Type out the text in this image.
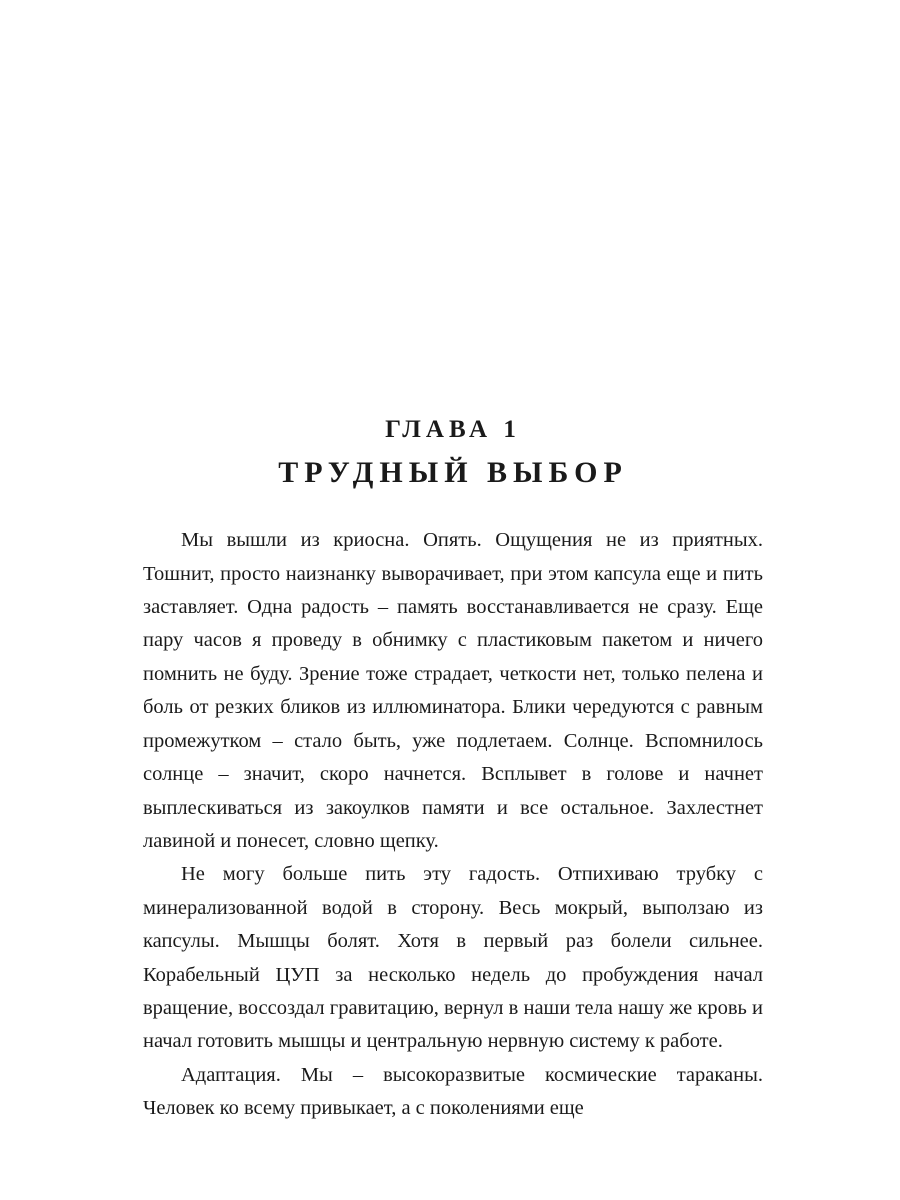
ГЛАВА 1
ТРУДНЫЙ ВЫБОР

Мы вышли из криосна. Опять. Ощущения не из приятных. Тошнит, просто наизнанку выворачивает, при этом капсула еще и пить заставляет. Одна радость – память восстанавливается не сразу. Еще пару часов я проведу в обнимку с пластиковым пакетом и ничего помнить не буду. Зрение тоже страдает, четкости нет, только пелена и боль от резких бликов из иллюминатора. Блики чередуются с равным промежутком – стало быть, уже подлетаем. Солнце. Вспомнилось солнце – значит, скоро начнется. Всплывет в голове и начнет выплескиваться из закоулков памяти и все остальное. Захлестнет лавиной и понесет, словно щепку.

Не могу больше пить эту гадость. Отпихиваю трубку с минерализованной водой в сторону. Весь мокрый, выползаю из капсулы. Мышцы болят. Хотя в первый раз болели сильнее. Корабельный ЦУП за несколько недель до пробуждения начал вращение, воссоздал гравитацию, вернул в наши тела нашу же кровь и начал готовить мышцы и центральную нервную систему к работе.

Адаптация. Мы – высокоразвитые космические тараканы. Человек ко всему привыкает, а с поколениями еще
